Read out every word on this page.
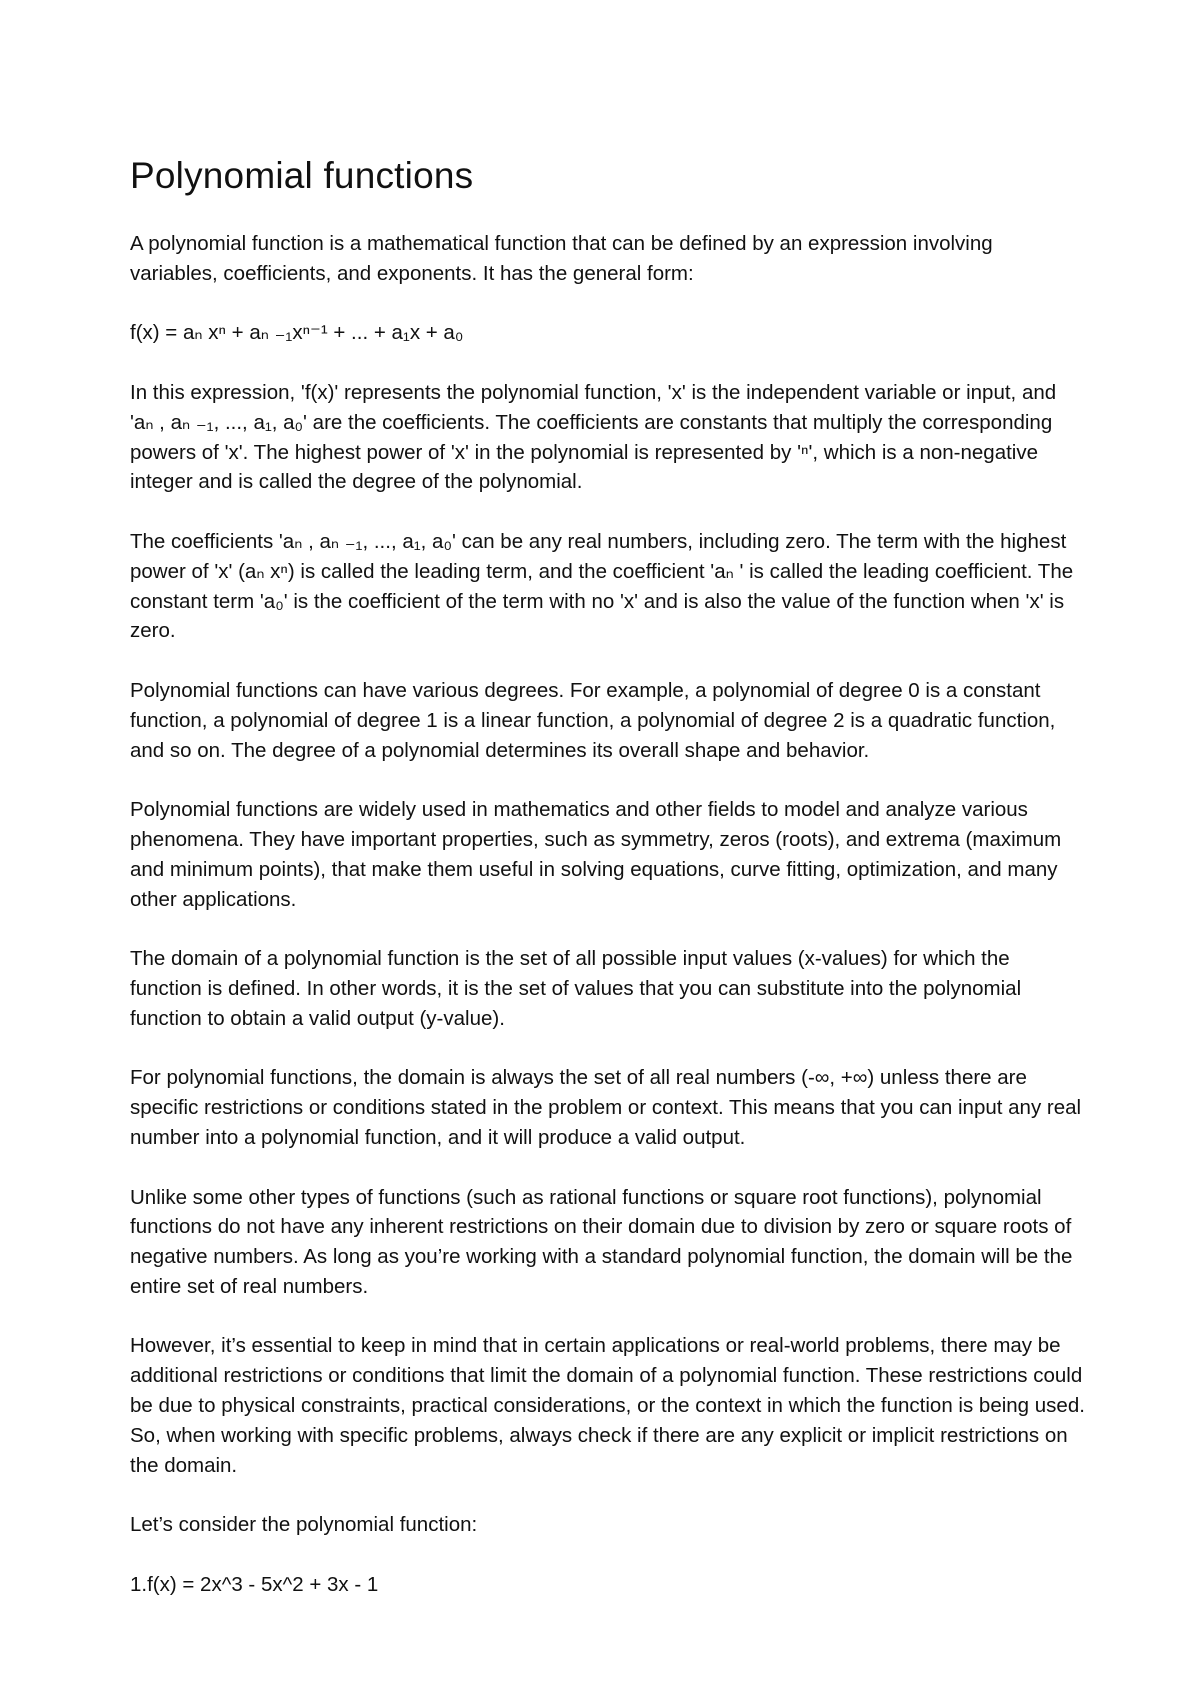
Polynomial functions

A polynomial function is a mathematical function that can be defined by an expression involving variables, coefficients, and exponents. It has the general form:

f(x) = aₙ xⁿ + aₙ ₋₁xⁿ⁻¹ + ... + a₁x + a₀

In this expression, 'f(x)' represents the polynomial function, 'x' is the independent variable or input, and 'aₙ , aₙ ₋₁, ..., a₁, a₀' are the coefficients. The coefficients are constants that multiply the corresponding powers of 'x'. The highest power of 'x' in the polynomial is represented by 'ⁿ', which is a non-negative integer and is called the degree of the polynomial.

The coefficients 'aₙ , aₙ ₋₁, ..., a₁, a₀' can be any real numbers, including zero. The term with the highest power of 'x' (aₙ xⁿ) is called the leading term, and the coefficient 'aₙ ' is called the leading coefficient. The constant term 'a₀' is the coefficient of the term with no 'x' and is also the value of the function when 'x' is zero.

Polynomial functions can have various degrees. For example, a polynomial of degree 0 is a constant function, a polynomial of degree 1 is a linear function, a polynomial of degree 2 is a quadratic function, and so on. The degree of a polynomial determines its overall shape and behavior.

Polynomial functions are widely used in mathematics and other fields to model and analyze various phenomena. They have important properties, such as symmetry, zeros (roots), and extrema (maximum and minimum points), that make them useful in solving equations, curve fitting, optimization, and many other applications.

The domain of a polynomial function is the set of all possible input values (x-values) for which the function is defined. In other words, it is the set of values that you can substitute into the polynomial function to obtain a valid output (y-value).

For polynomial functions, the domain is always the set of all real numbers (-∞, +∞) unless there are specific restrictions or conditions stated in the problem or context. This means that you can input any real number into a polynomial function, and it will produce a valid output.

Unlike some other types of functions (such as rational functions or square root functions), polynomial functions do not have any inherent restrictions on their domain due to division by zero or square roots of negative numbers. As long as you’re working with a standard polynomial function, the domain will be the entire set of real numbers.

However, it’s essential to keep in mind that in certain applications or real-world problems, there may be additional restrictions or conditions that limit the domain of a polynomial function. These restrictions could be due to physical constraints, practical considerations, or the context in which the function is being used. So, when working with specific problems, always check if there are any explicit or implicit restrictions on the domain.

Let’s consider the polynomial function:

1.f(x) = 2x^3 - 5x^2 + 3x - 1
